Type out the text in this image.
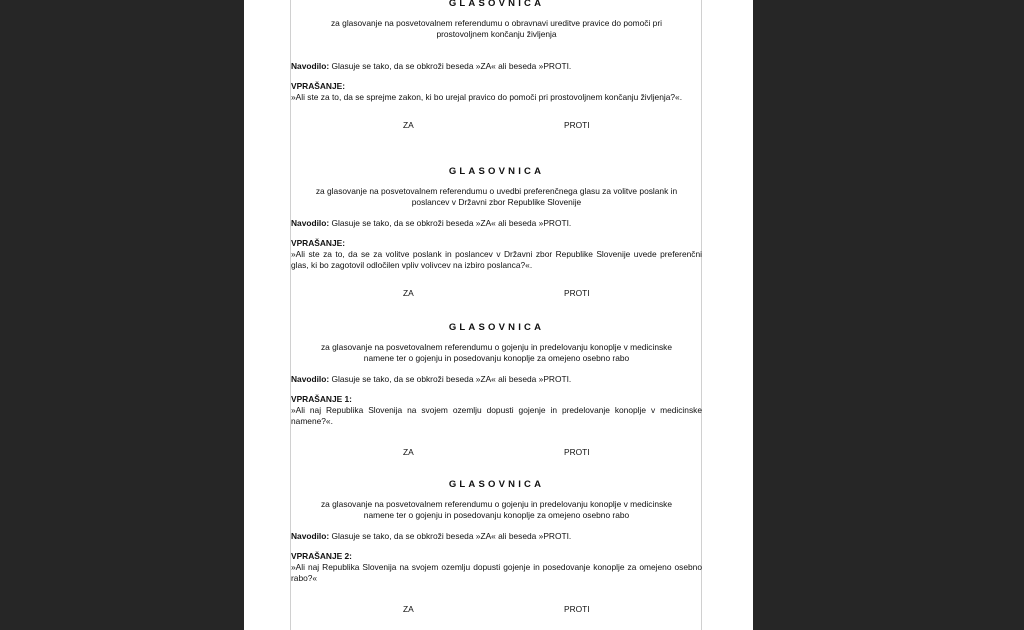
GLASOVNICA
za glasovanje na posvetovalnem referendumu o obravnavi ureditve pravice do pomoči pri prostovoljnem končanju življenja
Navodilo: Glasuje se tako, da se obkroži beseda »ZA« ali beseda »PROTI.
VPRAŠANJE:
»Ali ste za to, da se sprejme zakon, ki bo urejal pravico do pomoči pri prostovoljnem končanju življenja?«.
ZA	PROTI
GLASOVNICA
za glasovanje na posvetovalnem referendumu o uvedbi preferenčnega glasu za volitve poslank in poslancev v Državni zbor Republike Slovenije
Navodilo: Glasuje se tako, da se obkroži beseda »ZA« ali beseda »PROTI.
VPRAŠANJE:
»Ali ste za to, da se za volitve poslank in poslancev v Državni zbor Republike Slovenije uvede preferenčni glas, ki bo zagotovil odločilen vpliv volivcev na izbiro poslanca?«.
ZA	PROTI
GLASOVNICA
za glasovanje na posvetovalnem referendumu o gojenju in predelovanju konoplje v medicinske namene ter o gojenju in posedovanju konoplje za omejeno osebno rabo
Navodilo: Glasuje se tako, da se obkroži beseda »ZA« ali beseda »PROTI.
VPRAŠANJE 1:
»Ali naj Republika Slovenija na svojem ozemlju dopusti gojenje in predelovanje konoplje v medicinske namene?«.
ZA	PROTI
GLASOVNICA
za glasovanje na posvetovalnem referendumu o gojenju in predelovanju konoplje v medicinske namene ter o gojenju in posedovanju konoplje za omejeno osebno rabo
Navodilo: Glasuje se tako, da se obkroži beseda »ZA« ali beseda »PROTI.
VPRAŠANJE 2:
»Ali naj Republika Slovenija na svojem ozemlju dopusti gojenje in posedovanje konoplje za omejeno osebno rabo?«
ZA	PROTI
